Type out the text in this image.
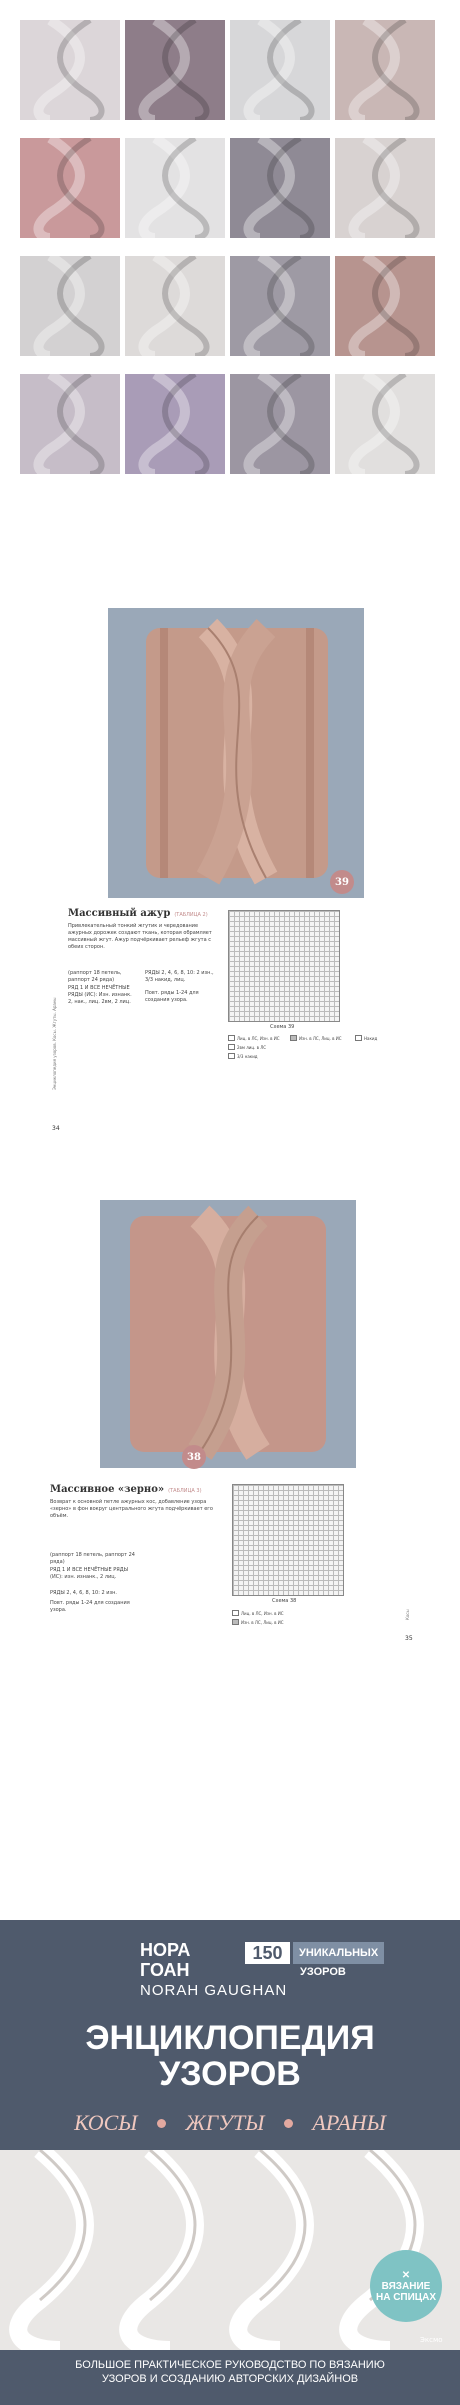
39
Массивный ажур (ТАБЛИЦА 2)
Привлекательный тонкий жгутик и чередование ажурных дорожек создают ткань, которая обрамляет массивный жгут. Ажур подчёркивает рельеф жгута с обеих сторон.
(раппорт 18 петель, раппорт 24 ряда)
РЯД 1 И ВСЕ НЕЧЁТНЫЕ РЯДЫ (ИС): Изн. изнанк. 2, нак., лиц. 2вм, 2 лиц.
РЯДЫ 2, 4, 6, 8, 10: 2 изн., 3/3 накид, лиц.
Повт. ряды 1-24 для создания узора.
Схема 39
Лиц. в ЛС, Изн. в ИС	Изн. в ЛС, Лиц. в ИС	Накид
2вм лиц. в ЛС
3/3 накид
Энциклопедия узоров. Косы. Жгуты. Араны
34
38
Массивное «зерно» (ТАБЛИЦА 3)
Возврат к основной петле ажурных кос, добавление узора «зерно» в фон вокруг центрального жгута подчёркивает его объём.
(раппорт 18 петель, раппорт 24 ряда)
РЯД 1 И ВСЕ НЕЧЁТНЫЕ РЯДЫ (ИС): изн. изнанк., 2 лиц.
РЯДЫ 2, 4, 6, 8, 10: 2 изн.
Повт. ряды 1-24 для создания узора.
Схема 38
Лиц. в ЛС, Изн. в ИС
Изн. в ЛС, Лиц. в ИС
Косы
35
НОРА
ГОАН
NORAH GAUGHAN
150	УНИКАЛЬНЫХ
УЗОРОВ
ЭНЦИКЛОПЕДИЯ
УЗОРОВ
КОСЫ ЖГУТЫ АРАНЫ
✕
ВЯЗАНИЕ
НА СПИЦАХ
БОЛЬШОЕ ПРАКТИЧЕСКОЕ РУКОВОДСТВО ПО ВЯЗАНИЮ
УЗОРОВ И СОЗДАНИЮ АВТОРСКИХ ДИЗАЙНОВ
Эксмо
